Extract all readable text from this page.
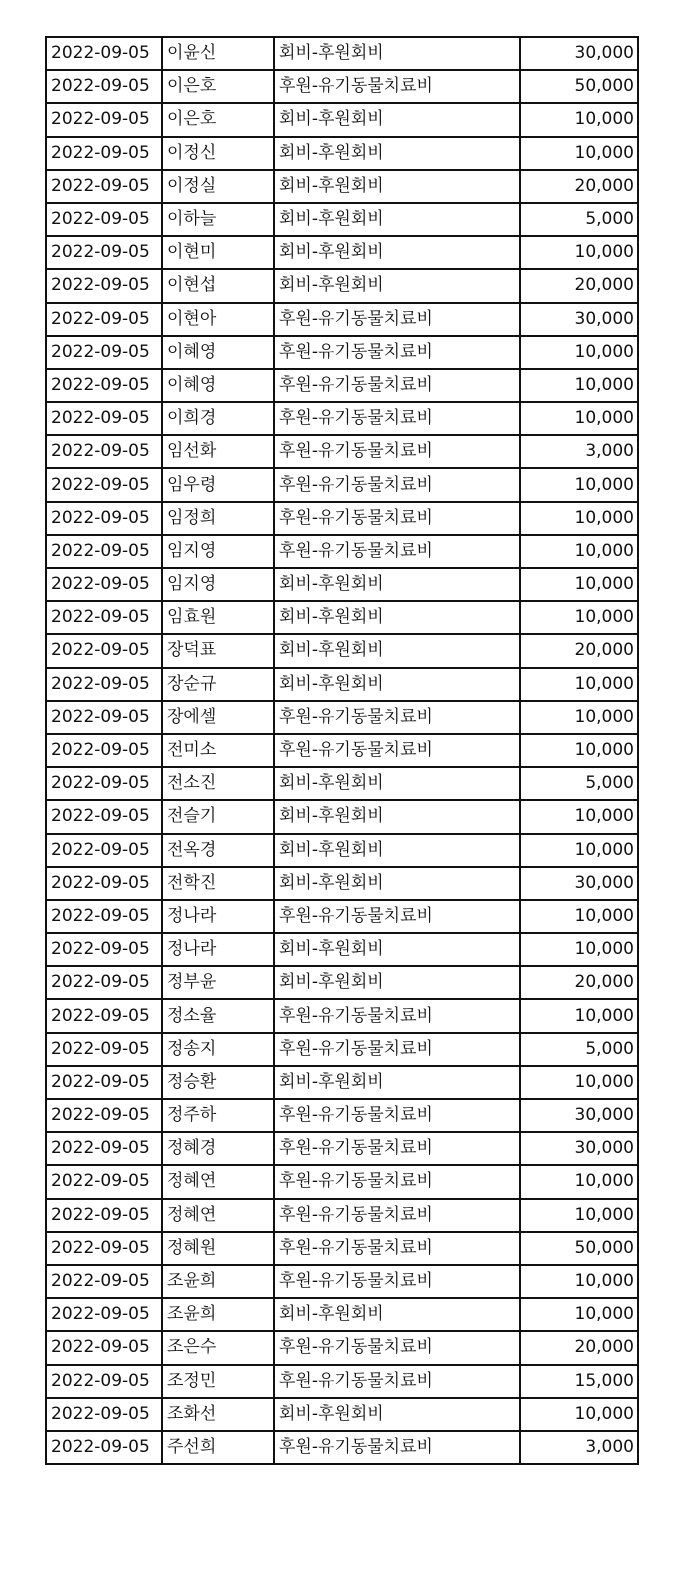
2022-09-05	이윤신	회비-후원회비	30,000
2022-09-05	이은호	후원-유기동물치료비	50,000
2022-09-05	이은호	회비-후원회비	10,000
2022-09-05	이정신	회비-후원회비	10,000
2022-09-05	이정실	회비-후원회비	20,000
2022-09-05	이하늘	회비-후원회비	5,000
2022-09-05	이현미	회비-후원회비	10,000
2022-09-05	이현섭	회비-후원회비	20,000
2022-09-05	이현아	후원-유기동물치료비	30,000
2022-09-05	이혜영	후원-유기동물치료비	10,000
2022-09-05	이혜영	후원-유기동물치료비	10,000
2022-09-05	이희경	후원-유기동물치료비	10,000
2022-09-05	임선화	후원-유기동물치료비	3,000
2022-09-05	임우령	후원-유기동물치료비	10,000
2022-09-05	임정희	후원-유기동물치료비	10,000
2022-09-05	임지영	후원-유기동물치료비	10,000
2022-09-05	임지영	회비-후원회비	10,000
2022-09-05	임효원	회비-후원회비	10,000
2022-09-05	장덕표	회비-후원회비	20,000
2022-09-05	장순규	회비-후원회비	10,000
2022-09-05	장에셀	후원-유기동물치료비	10,000
2022-09-05	전미소	후원-유기동물치료비	10,000
2022-09-05	전소진	회비-후원회비	5,000
2022-09-05	전슬기	회비-후원회비	10,000
2022-09-05	전옥경	회비-후원회비	10,000
2022-09-05	전학진	회비-후원회비	30,000
2022-09-05	정나라	후원-유기동물치료비	10,000
2022-09-05	정나라	회비-후원회비	10,000
2022-09-05	정부윤	회비-후원회비	20,000
2022-09-05	정소율	후원-유기동물치료비	10,000
2022-09-05	정송지	후원-유기동물치료비	5,000
2022-09-05	정승환	회비-후원회비	10,000
2022-09-05	정주하	후원-유기동물치료비	30,000
2022-09-05	정혜경	후원-유기동물치료비	30,000
2022-09-05	정혜연	후원-유기동물치료비	10,000
2022-09-05	정혜연	후원-유기동물치료비	10,000
2022-09-05	정혜원	후원-유기동물치료비	50,000
2022-09-05	조윤희	후원-유기동물치료비	10,000
2022-09-05	조윤희	회비-후원회비	10,000
2022-09-05	조은수	후원-유기동물치료비	20,000
2022-09-05	조정민	후원-유기동물치료비	15,000
2022-09-05	조화선	회비-후원회비	10,000
2022-09-05	주선희	후원-유기동물치료비	3,000
